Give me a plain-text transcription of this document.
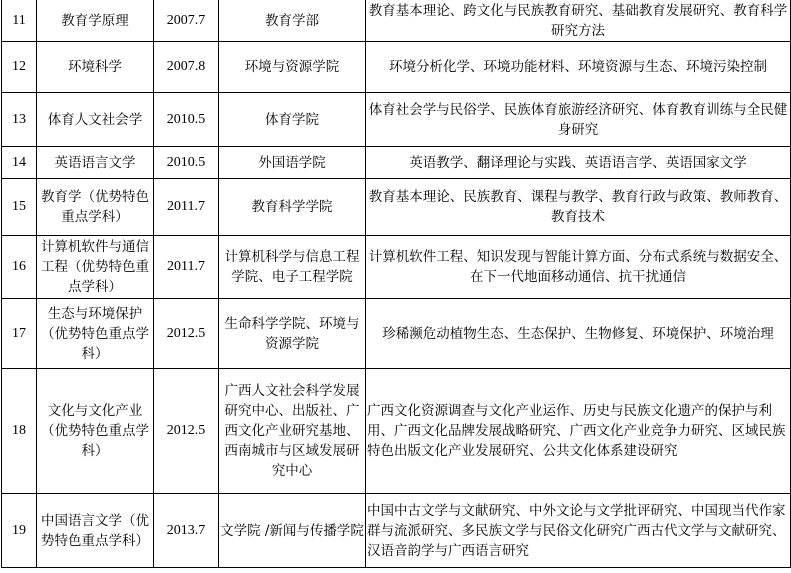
11	教育学原理	2007.7	教育学部	教育基本理论、跨文化与民族教育研究、基础教育发展研究、教育科学研究方法
12	环境科学	2007.8	环境与资源学院	环境分析化学、环境功能材料、环境资源与生态、环境污染控制
13	体育人文社会学	2010.5	体育学院	体育社会学与民俗学、民族体育旅游经济研究、体育教育训练与全民健身研究
14	英语语言文学	2010.5	外国语学院	英语教学、翻译理论与实践、英语语言学、英语国家文学
15	教育学（优势特色重点学科）	2011.7	教育科学学院	教育基本理论、民族教育、课程与教学、教育行政与政策、教师教育、教育技术
16	计算机软件与通信工程（优势特色重点学科）	2011.7	计算机科学与信息工程学院、电子工程学院	计算机软件工程、知识发现与智能计算方面、分布式系统与数据安全、在下一代地面移动通信、抗干扰通信
17	生态与环境保护（优势特色重点学科）	2012.5	生命科学学院、环境与资源学院	珍稀濒危动植物生态、生态保护、生物修复、环境保护、环境治理
18	文化与文化产业（优势特色重点学科）	2012.5	广西人文社会科学发展研究中心、出版社、广西文化产业研究基地、西南城市与区域发展研究中心	广西文化资源调查与文化产业运作、历史与民族文化遗产的保护与利用、广西文化品牌发展战略研究、广西文化产业竞争力研究、区域民族特色出版文化产业发展研究、公共文化体系建设研究
19	中国语言文学（优势特色重点学科）	2013.7	文学院 /新闻与传播学院	中国中古文学与文献研究、中外文论与文学批评研究、中国现当代作家群与流派研究、多民族文学与民俗文化研究广西古代文学与文献研究、汉语音韵学与广西语言研究
